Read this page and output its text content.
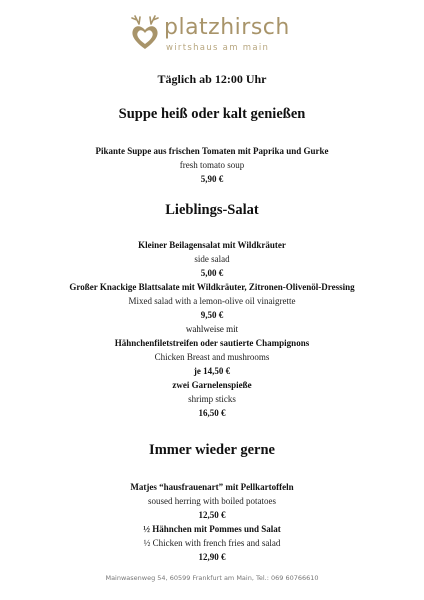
platzhirsch
wirtshaus am main
Täglich ab 12:00 Uhr
Suppe heiß oder kalt genießen
Pikante Suppe aus frischen Tomaten mit Paprika und Gurke
fresh tomato soup
5,90 €
Lieblings-Salat
Kleiner Beilagensalat mit Wildkräuter
side salad
5,00 €
Großer Knackige Blattsalate mit Wildkräuter, Zitronen-Olivenöl-Dressing
Mixed salad with a lemon-olive oil vinaigrette
9,50 €
wahlweise mit
Hähnchenfiletstreifen oder sautierte Champignons
Chicken Breast and mushrooms
je 14,50 €
zwei Garnelenspieße
shrimp sticks
16,50 €
Immer wieder gerne
Matjes “hausfrauenart” mit Pellkartoffeln
soused herring with boiled potatoes
12,50 €
½ Hähnchen mit Pommes und Salat
½ Chicken with french fries and salad
12,90 €
Mainwasenweg 54, 60599 Frankfurt am Main, Tel.: 069 60766610
